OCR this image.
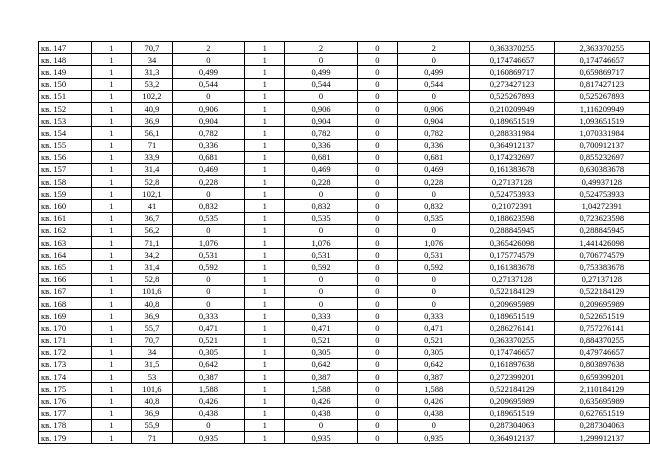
кв. 147	1	70,7	2	1	2	0	2	0,363370255	2,363370255
кв. 148	1	34	0	1	0	0	0	0,174746657	0,174746657
кв. 149	1	31,3	0,499	1	0,499	0	0,499	0,160869717	0,659869717
кв. 150	1	53,2	0,544	1	0,544	0	0,544	0,273427123	0,817427123
кв. 151	1	102,2	0	1	0	0	0	0,525267893	0,525267893
кв. 152	1	40,9	0,906	1	0,906	0	0,906	0,210209949	1,116209949
кв. 153	1	36,9	0,904	1	0,904	0	0,904	0,189651519	1,093651519
кв. 154	1	56,1	0,782	1	0,782	0	0,782	0,288331984	1,070331984
кв. 155	1	71	0,336	1	0,336	0	0,336	0,364912137	0,700912137
кв. 156	1	33,9	0,681	1	0,681	0	0,681	0,174232697	0,855232697
кв. 157	1	31,4	0,469	1	0,469	0	0,469	0,161383678	0,630383678
кв. 158	1	52,8	0,228	1	0,228	0	0,228	0,27137128	0,49937128
кв. 159	1	102,1	0	1	0	0	0	0,524753933	0,524753933
кв. 160	1	41	0,832	1	0,832	0	0,832	0,21072391	1,04272391
кв. 161	1	36,7	0,535	1	0,535	0	0,535	0,188623598	0,723623598
кв. 162	1	56,2	0	1	0	0	0	0,288845945	0,288845945
кв. 163	1	71,1	1,076	1	1,076	0	1,076	0,365426098	1,441426098
кв. 164	1	34,2	0,531	1	0,531	0	0,531	0,175774579	0,706774579
кв. 165	1	31,4	0,592	1	0,592	0	0,592	0,161383678	0,753383678
кв. 166	1	52,8	0	1	0	0	0	0,27137128	0,27137128
кв. 167	1	101,6	0	1	0	0	0	0,522184129	0,522184129
кв. 168	1	40,8	0	1	0	0	0	0,209695989	0,209695989
кв. 169	1	36,9	0,333	1	0,333	0	0,333	0,189651519	0,522651519
кв. 170	1	55,7	0,471	1	0,471	0	0,471	0,286276141	0,757276141
кв. 171	1	70,7	0,521	1	0,521	0	0,521	0,363370255	0,884370255
кв. 172	1	34	0,305	1	0,305	0	0,305	0,174746657	0,479746657
кв. 173	1	31,5	0,642	1	0,642	0	0,642	0,161897638	0,803897638
кв. 174	1	53	0,387	1	0,387	0	0,387	0,272399201	0,659399201
кв. 175	1	101,6	1,588	1	1,588	0	1,588	0,522184129	2,110184129
кв. 176	1	40,8	0,426	1	0,426	0	0,426	0,209695989	0,635695989
кв. 177	1	36,9	0,438	1	0,438	0	0,438	0,189651519	0,627651519
кв. 178	1	55,9	0	1	0	0	0	0,287304063	0,287304063
кв. 179	1	71	0,935	1	0,935	0	0,935	0,364912137	1,299912137
